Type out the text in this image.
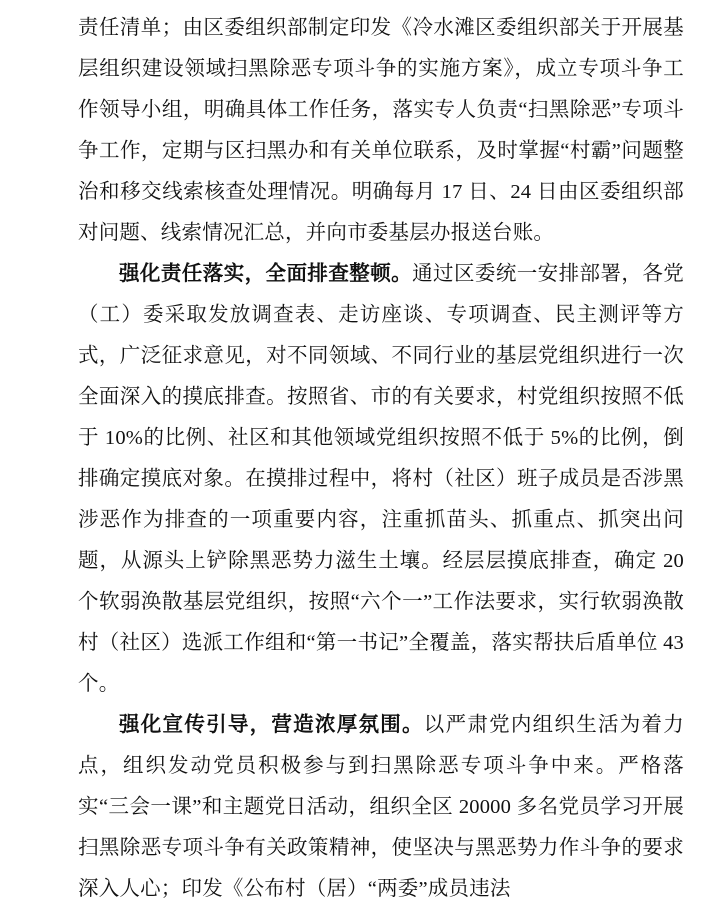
责任清单；由区委组织部制定印发《冷水滩区委组织部关于开展基层组织建设领域扫黑除恶专项斗争的实施方案》，成立专项斗争工作领导小组，明确具体工作任务，落实专人负责“扫黑除恶”专项斗争工作，定期与区扫黑办和有关单位联系，及时掌握“村霸”问题整治和移交线索核查处理情况。明确每月 17 日、24 日由区委组织部对问题、线索情况汇总，并向市委基层办报送台账。

强化责任落实，全面排查整顿。通过区委统一安排部署，各党（工）委采取发放调查表、走访座谈、专项调查、民主测评等方式，广泛征求意见，对不同领域、不同行业的基层党组织进行一次全面深入的摸底排查。按照省、市的有关要求，村党组织按照不低于 10%的比例、社区和其他领域党组织按照不低于 5%的比例，倒排确定摸底对象。在摸排过程中，将村（社区）班子成员是否涉黑涉恶作为排查的一项重要内容，注重抓苗头、抓重点、抓突出问题，从源头上铲除黑恶势力滋生土壤。经层层摸底排查，确定 20 个软弱涣散基层党组织，按照“六个一”工作法要求，实行软弱涣散村（社区）选派工作组和“第一书记”全覆盖，落实帮扶后盾单位 43 个。

强化宣传引导，营造浓厚氛围。以严肃党内组织生活为着力点，组织发动党员积极参与到扫黑除恶专项斗争中来。严格落实“三会一课”和主题党日活动，组织全区 20000 多名党员学习开展扫黑除恶专项斗争有关政策精神，使坚决与黑恶势力作斗争的要求深入人心；印发《公布村（居）“两委”成员违法
